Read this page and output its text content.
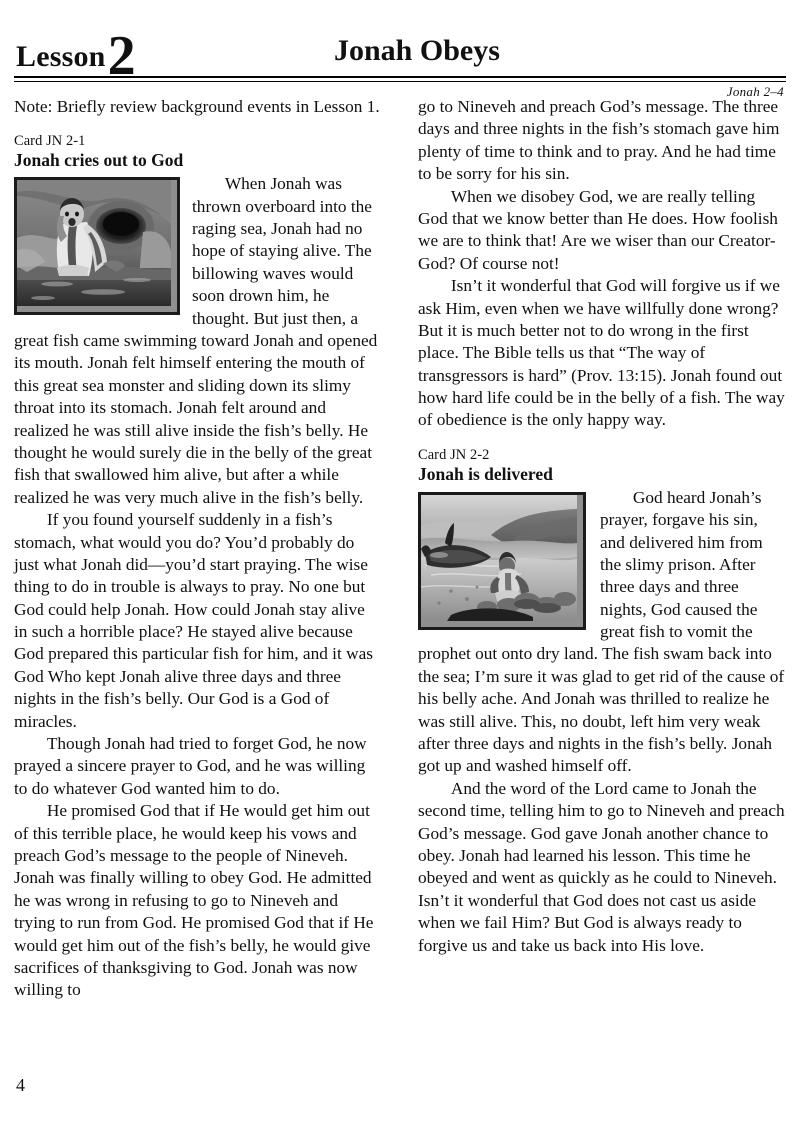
Lesson2	Jonah Obeys
Jonah 2–4

Note: Briefly review background events in Lesson 1.

Card JN 2-1

Jonah cries out to God

When Jonah was thrown overboard into the raging sea, Jonah had no hope of staying alive. The billowing waves would soon drown him, he thought. But just then, a great fish came swimming toward Jonah and opened its mouth. Jonah felt himself entering the mouth of this great sea monster and sliding down its slimy throat into its stomach. Jonah felt around and realized he was still alive inside the fish’s belly. He thought he would surely die in the belly of the great fish that swallowed him alive, but after a while realized he was very much alive in the fish’s belly.

If you found yourself suddenly in a fish’s stomach, what would you do? You’d probably do just what Jonah did—you’d start praying. The wise thing to do in trouble is always to pray. No one but God could help Jonah. How could Jonah stay alive in such a horrible place? He stayed alive because God prepared this particular fish for him, and it was God Who kept Jonah alive three days and three nights in the fish’s belly. Our God is a God of miracles.

Though Jonah had tried to forget God, he now prayed a sincere prayer to God, and he was willing to do whatever God wanted him to do.

He promised God that if He would get him out of this terrible place, he would keep his vows and preach God’s message to the people of Nineveh. Jonah was finally willing to obey God. He admitted he was wrong in refusing to go to Nineveh and trying to run from God. He promised God that if He would get him out of the fish’s belly, he would give sacrifices of thanksgiving to God. Jonah was now willing to

go to Nineveh and preach God’s message. The three days and three nights in the fish’s stomach gave him plenty of time to think and to pray. And he had time to be sorry for his sin.

When we disobey God, we are really telling God that we know better than He does. How foolish we are to think that! Are we wiser than our Creator-God? Of course not!

Isn’t it wonderful that God will forgive us if we ask Him, even when we have willfully done wrong? But it is much better not to do wrong in the first place. The Bible tells us that “The way of transgressors is hard” (Prov. 13:15). Jonah found out how hard life could be in the belly of a fish. The way of obedience is the only happy way.

Card JN 2-2

Jonah is delivered

God heard Jonah’s prayer, forgave his sin, and delivered him from the slimy prison. After three days and three nights, God caused the great fish to vomit the prophet out onto dry land. The fish swam back into the sea; I’m sure it was glad to get rid of the cause of his belly ache. And Jonah was thrilled to realize he was still alive. This, no doubt, left him very weak after three days and nights in the fish’s belly. Jonah got up and washed himself off.

And the word of the Lord came to Jonah the second time, telling him to go to Nineveh and preach God’s message. God gave Jonah another chance to obey. Jonah had learned his lesson. This time he obeyed and went as quickly as he could to Nineveh. Isn’t it wonderful that God does not cast us aside when we fail Him? But God is always ready to forgive us and take us back into His love.

4
